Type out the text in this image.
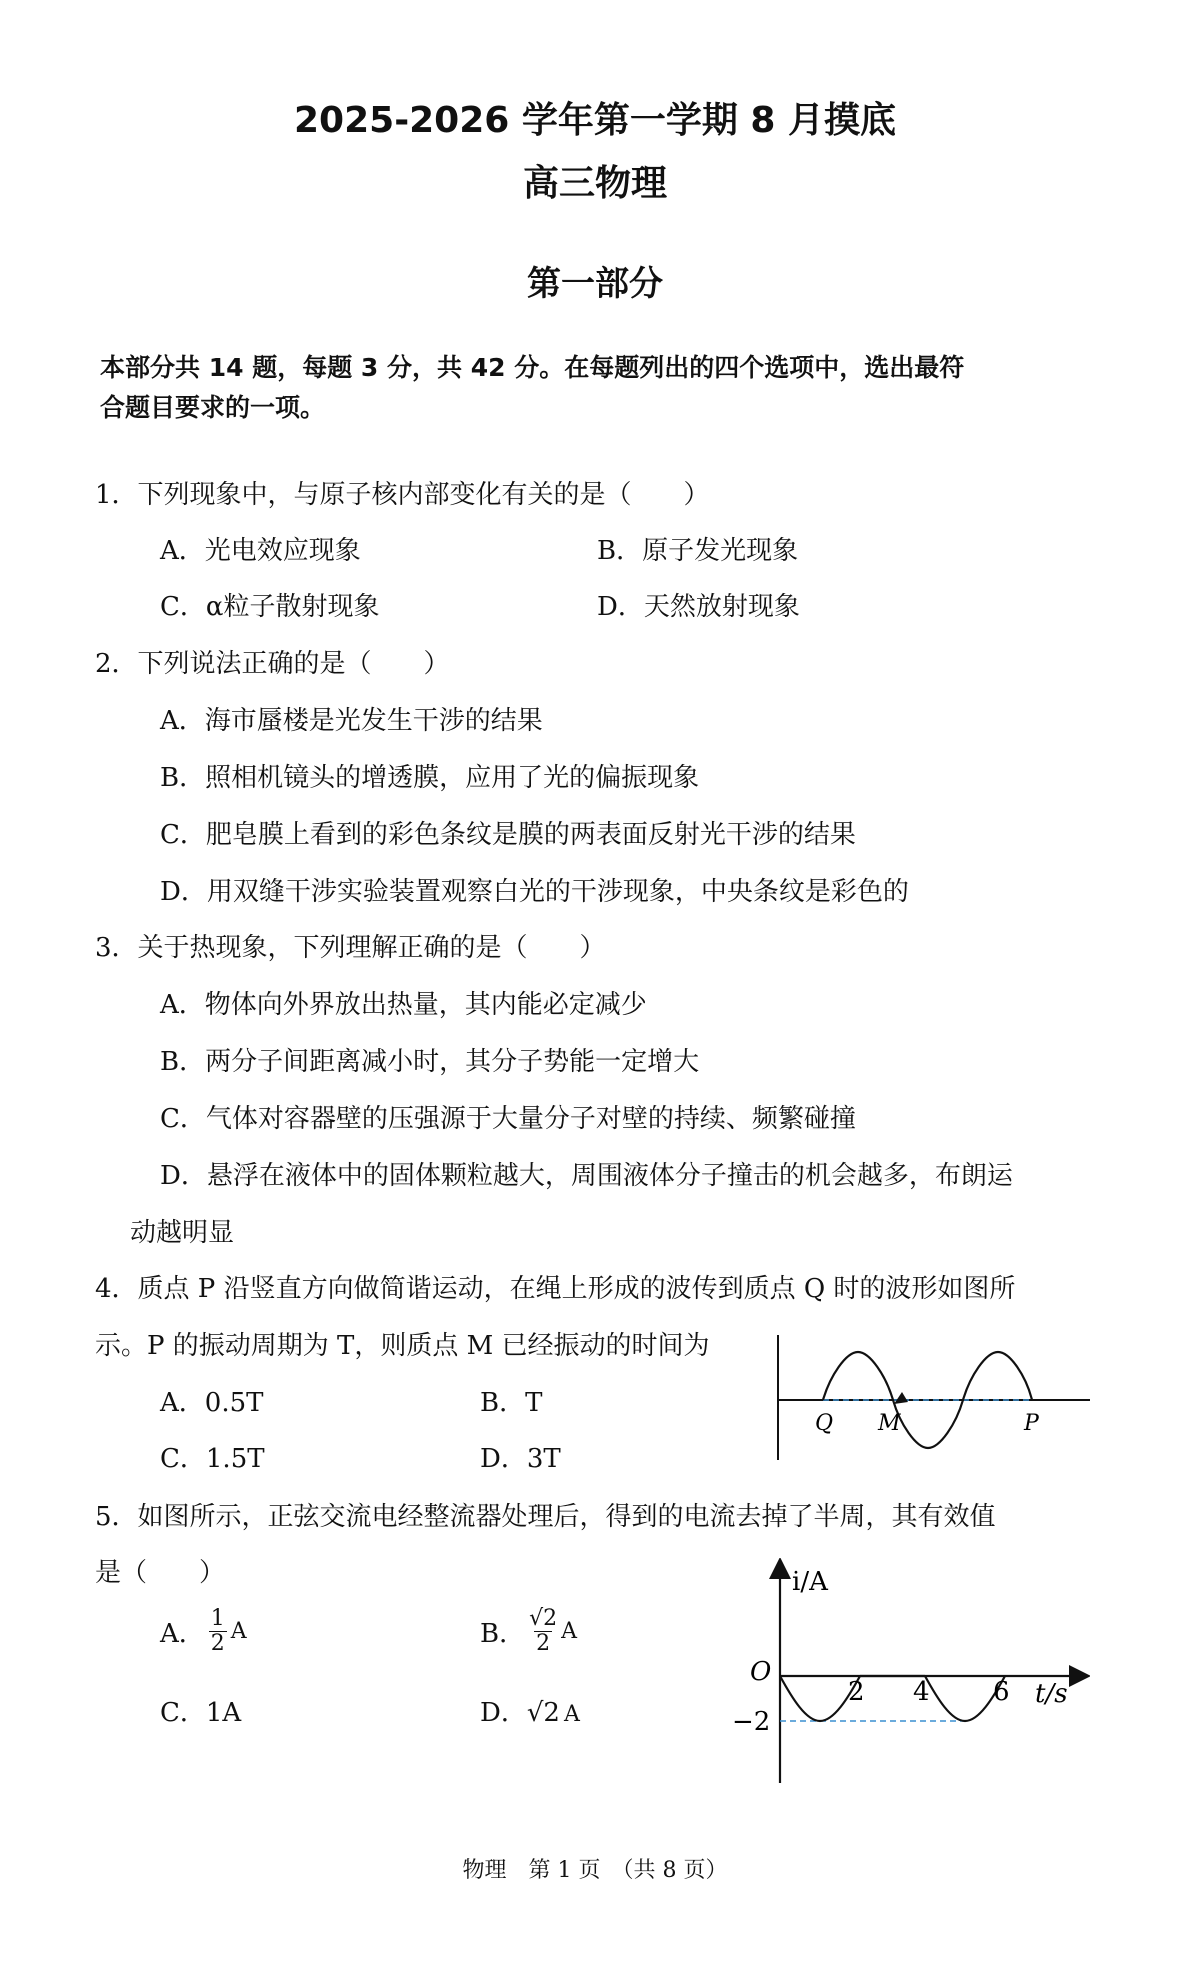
2025-2026 学年第一学期 8 月摸底
高三物理
第一部分
本部分共 14 题，每题 3 分，共 42 分。在每题列出的四个选项中，选出最符
合题目要求的一项。
1．下列现象中，与原子核内部变化有关的是（　　）
A．光电效应现象	B．原子发光现象
C．α粒子散射现象	D．天然放射现象
2．下列说法正确的是（　　）
A．海市蜃楼是光发生干涉的结果
B．照相机镜头的增透膜，应用了光的偏振现象
C．肥皂膜上看到的彩色条纹是膜的两表面反射光干涉的结果
D．用双缝干涉实验装置观察白光的干涉现象，中央条纹是彩色的
3．关于热现象，下列理解正确的是（　　）
A．物体向外界放出热量，其内能必定减少
B．两分子间距离减小时，其分子势能一定增大
C．气体对容器壁的压强源于大量分子对壁的持续、频繁碰撞
D．悬浮在液体中的固体颗粒越大，周围液体分子撞击的机会越多，布朗运
动越明显
4．质点 P 沿竖直方向做简谐运动，在绳上形成的波传到质点 Q 时的波形如图所
示。P 的振动周期为 T，则质点 M 已经振动的时间为
A．0.5T	B．T
C．1.5T	D．3T
Q M	P
5．如图所示，正弦交流电经整流器处理后，得到的电流去掉了半周，其有效值
是（　　）
A． $\frac{1}{2}$ A	B． $\frac{√2}{2}$ A
C．1A	D．√2 A
i/A
O
−2
2 4 6 t/s
物理　第 1 页　（共 8 页）
